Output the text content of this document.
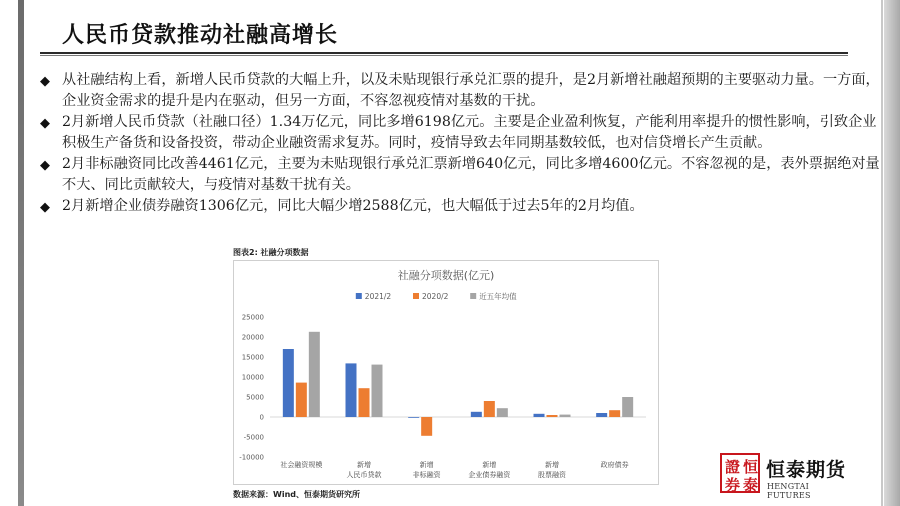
人民币贷款推动社融高增长
◆ 从社融结构上看，新增人民币贷款的大幅上升，以及未贴现银行承兑汇票的提升，是2月新增社融超预期的主要驱动力量。一方面，企业资金需求的提升是内在驱动，但另一方面，不容忽视疫情对基数的干扰。
◆ 2月新增人民币贷款（社融口径）1.34万亿元，同比多增6198亿元。主要是企业盈利恢复，产能利用率提升的惯性影响，引致企业积极生产备货和设备投资，带动企业融资需求复苏。同时，疫情导致去年同期基数较低，也对信贷增长产生贡献。
◆ 2月非标融资同比改善4461亿元，主要为未贴现银行承兑汇票新增640亿元，同比多增4600亿元。不容忽视的是，表外票据绝对量不大、同比贡献较大，与疫情对基数干扰有关。
◆ 2月新增企业债券融资1306亿元，同比大幅少增2588亿元，也大幅低于过去5年的2月均值。
图表2: 社融分项数据
社融分项数据(亿元)
2021/2	2020/2	近五年均值
-10000
-5000
0
5000
10000
15000
20000
25000
社会融资规模	新增
人民币贷款
新增
非标融资
新增
企业债券融资
新增
股票融资
政府债券
数据来源：Wind、恒泰期货研究所
證 恒
泰
券
恒泰期货
HENGTAI FUTURES
